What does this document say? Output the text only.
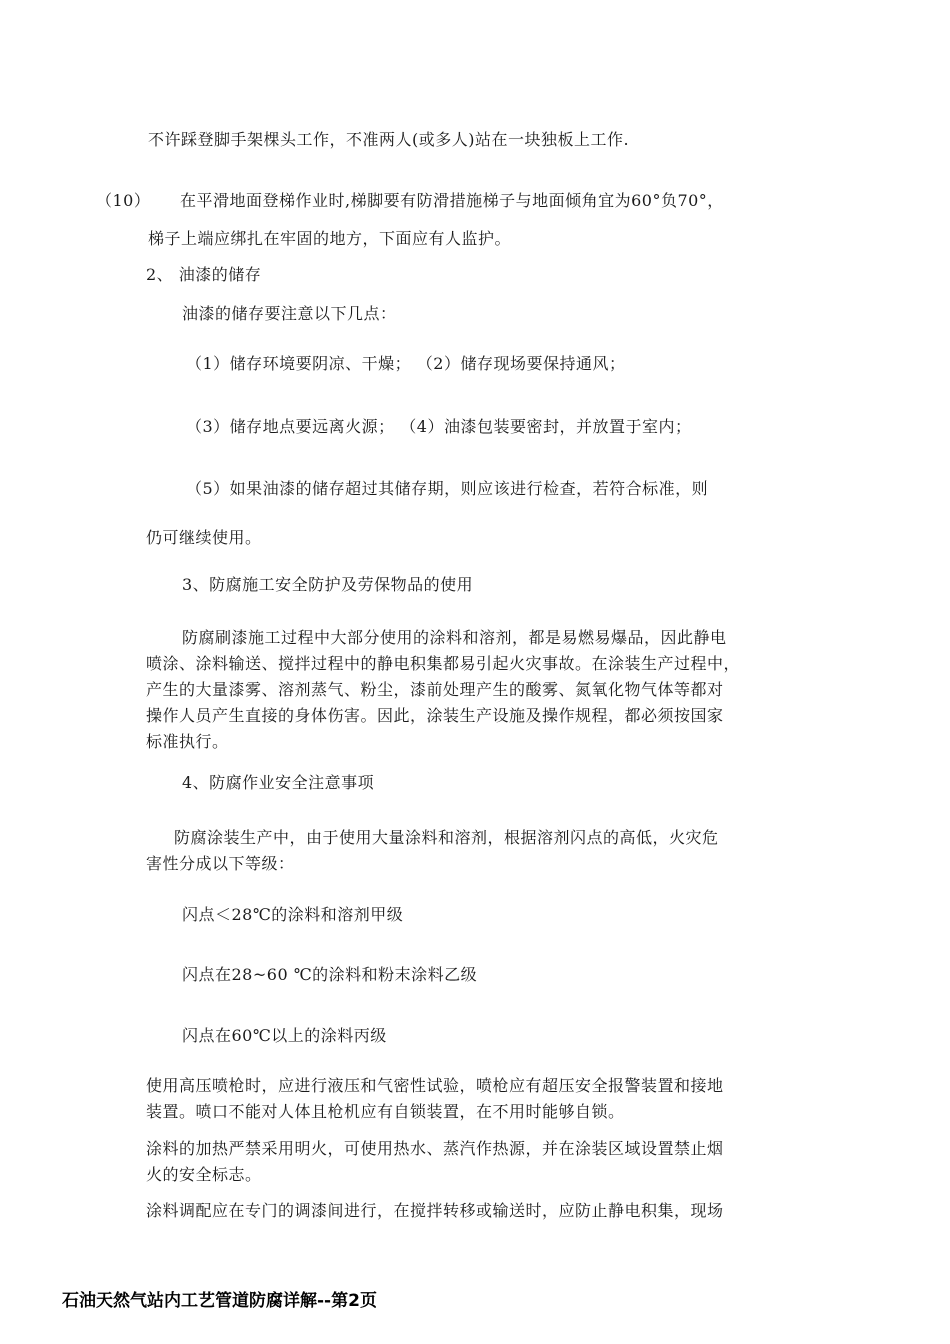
不许踩登脚手架棵头工作，不准两人(或多人)站在一块独板上工作.
（10） 在平滑地面登梯作业时,梯脚要有防滑措施梯子与地面倾角宜为60°负70°，
梯子上端应绑扎在牢固的地方，下面应有人监护。
2、 油漆的储存
油漆的储存要注意以下几点：
（1）储存环境要阴凉、干燥； （2）储存现场要保持通风；
（3）储存地点要远离火源； （4）油漆包装要密封，并放置于室内；
（5）如果油漆的储存超过其储存期，则应该进行检查，若符合标准，则
仍可继续使用。
3、防腐施工安全防护及劳保物品的使用
防腐刷漆施工过程中大部分使用的涂料和溶剂，都是易燃易爆品，因此静电
喷涂、涂料输送、搅拌过程中的静电积集都易引起火灾事故。在涂装生产过程中，
产生的大量漆雾、溶剂蒸气、粉尘，漆前处理产生的酸雾、氮氧化物气体等都对
操作人员产生直接的身体伤害。因此，涂装生产设施及操作规程，都必须按国家
标准执行。
4、防腐作业安全注意事项
防腐涂装生产中，由于使用大量涂料和溶剂，根据溶剂闪点的高低，火灾危
害性分成以下等级：
闪点＜28℃的涂料和溶剂甲级
闪点在28~60 ℃的涂料和粉末涂料乙级
闪点在60℃以上的涂料丙级
使用高压喷枪时，应进行液压和气密性试验，喷枪应有超压安全报警装置和接地
装置。喷口不能对人体且枪机应有自锁装置，在不用时能够自锁。
涂料的加热严禁采用明火，可使用热水、蒸汽作热源，并在涂装区域设置禁止烟
火的安全标志。
涂料调配应在专门的调漆间进行，在搅拌转移或输送时，应防止静电积集，现场
石油天然气站内工艺管道防腐详解--第2页
